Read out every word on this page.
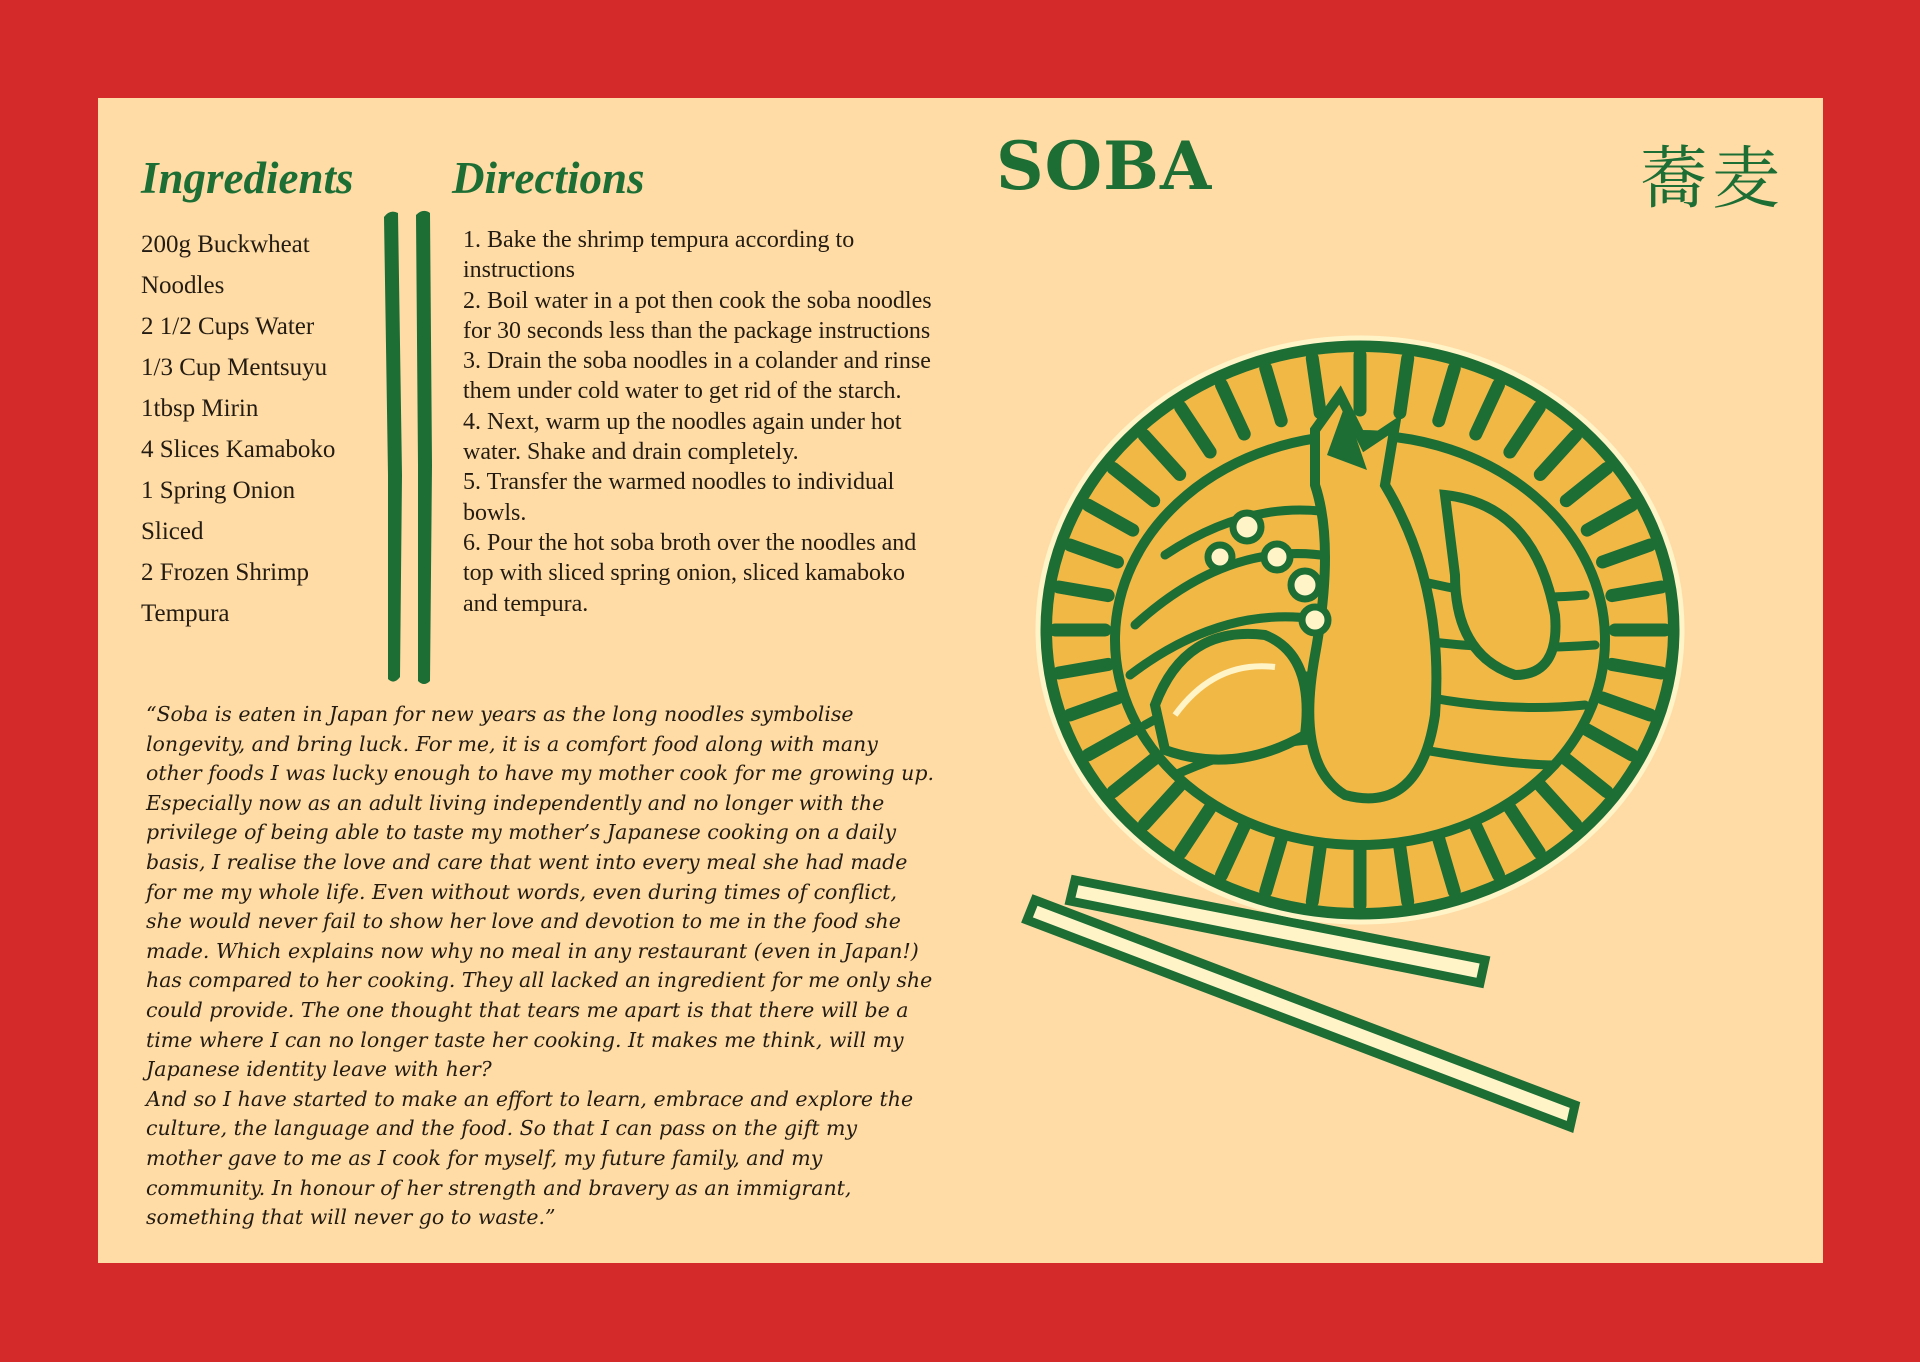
Ingredients Directions
200g Buckwheat Noodles
2 1/2 Cups Water
1/3 Cup Mentsuyu
1tbsp Mirin
4 Slices Kamaboko
1 Spring Onion Sliced
2 Frozen Shrimp Tempura
1. Bake the shrimp tempura according to instructions
2. Boil water in a pot then cook the soba noodles for 30 seconds less than the package instructions
3. Drain the soba noodles in a colander and rinse them under cold water to get rid of the starch.
4. Next, warm up the noodles again under hot water. Shake and drain completely.
5. Transfer the warmed noodles to individual bowls.
6. Pour the hot soba broth over the noodles and top with sliced spring onion, sliced kamaboko and tempura.

“Soba is eaten in Japan for new years as the long noodles symbolise longevity, and bring luck. For me, it is a comfort food along with many other foods I was lucky enough to have my mother cook for me growing up. Especially now as an adult living independently and no longer with the privilege of being able to taste my mother’s Japanese cooking on a daily basis, I realise the love and care that went into every meal she had made for me my whole life. Even without words, even during times of conflict, she would never fail to show her love and devotion to me in the food she made. Which explains now why no meal in any restaurant (even in Japan!) has compared to her cooking. They all lacked an ingredient for me only she could provide. The one thought that tears me apart is that there will be a time where I can no longer taste her cooking. It makes me think, will my Japanese identity leave with her?

And so I have started to make an effort to learn, embrace and explore the culture, the language and the food. So that I can pass on the gift my mother gave to me as I cook for myself, my future family, and my community. In honour of her strength and bravery as an immigrant, something that will never go to waste.”

SOBA	蕎麦
